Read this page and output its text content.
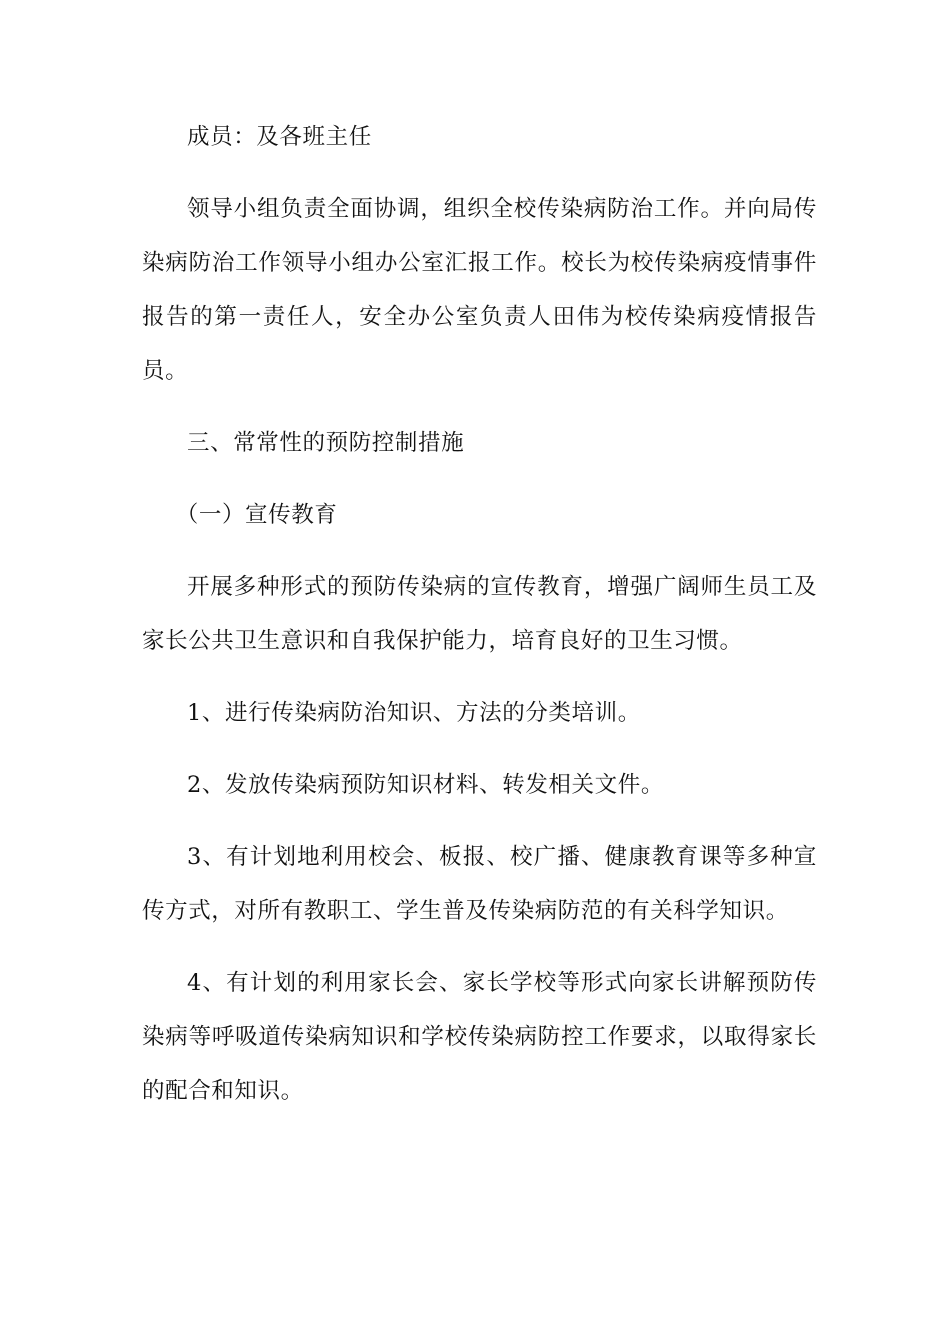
成员：及各班主任

领导小组负责全面协调，组织全校传染病防治工作。并向局传染病防治工作领导小组办公室汇报工作。校长为校传染病疫情事件报告的第一责任人，安全办公室负责人田伟为校传染病疫情报告员。

三、常常性的预防控制措施

（一）宣传教育

开展多种形式的预防传染病的宣传教育，增强广阔师生员工及家长公共卫生意识和自我保护能力，培育良好的卫生习惯。

1、进行传染病防治知识、方法的分类培训。

2、发放传染病预防知识材料、转发相关文件。

3、有计划地利用校会、板报、校广播、健康教育课等多种宣传方式，对所有教职工、学生普及传染病防范的有关科学知识。

4、有计划的利用家长会、家长学校等形式向家长讲解预防传染病等呼吸道传染病知识和学校传染病防控工作要求，以取得家长的配合和知识。
